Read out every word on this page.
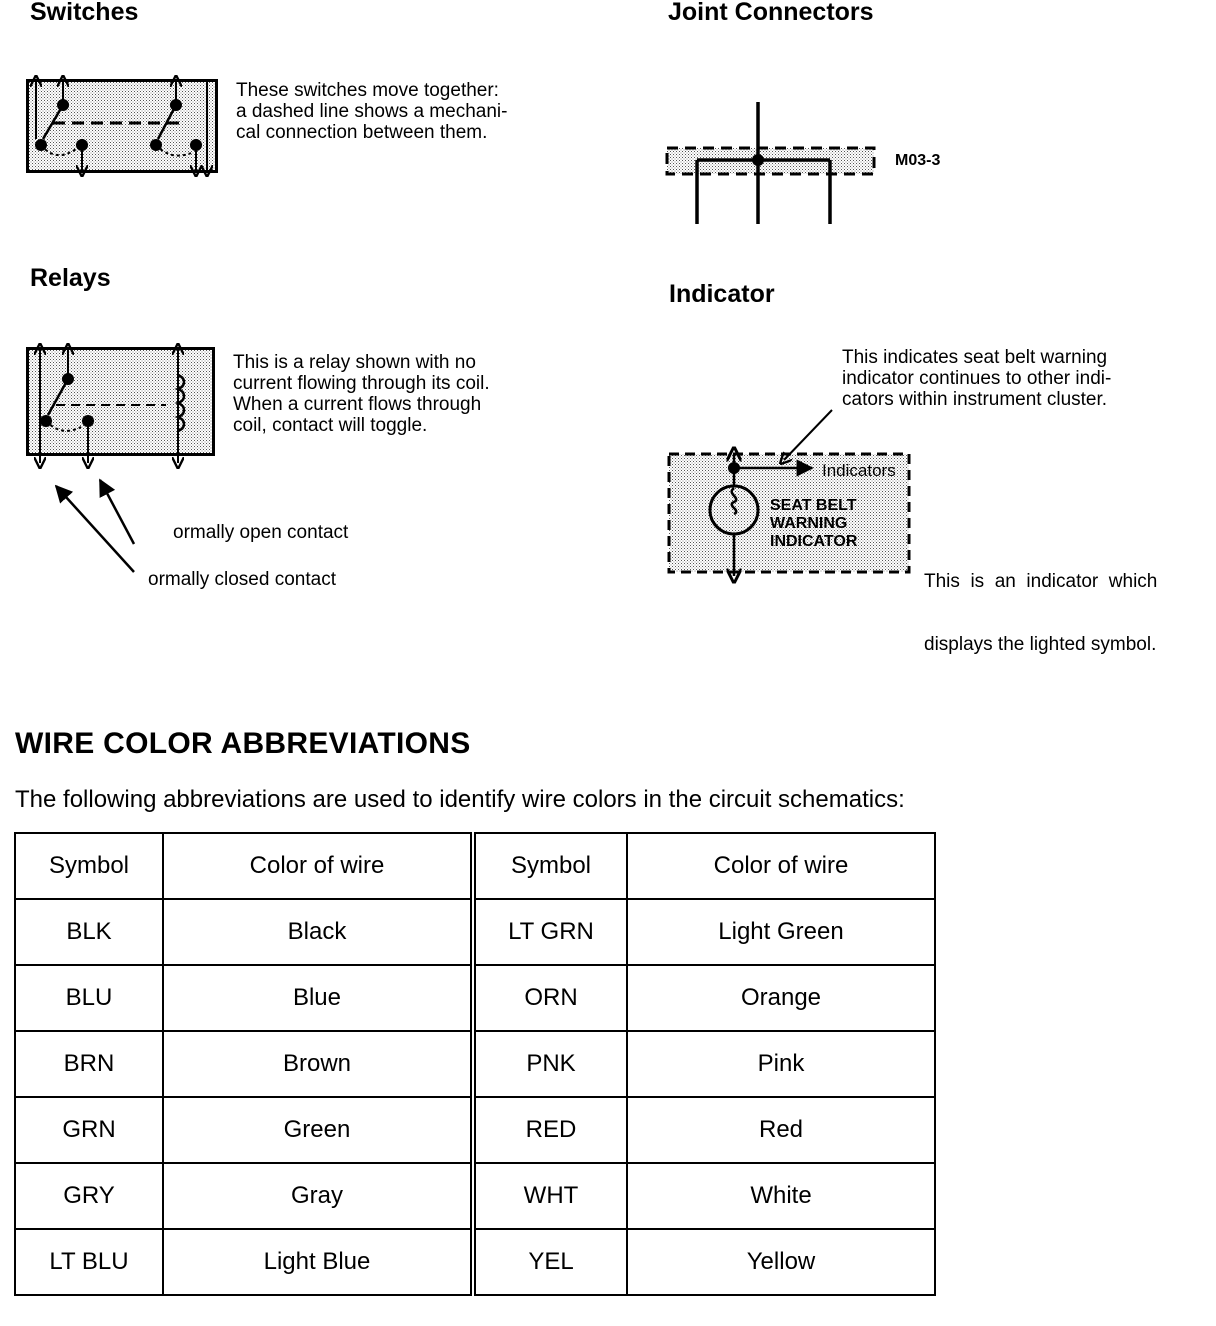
Switches
These switches move together:
a dashed line shows a mechani-
cal connection between them.
Joint Connectors
M03-3
Relays
This is a relay shown with no
current flowing through its coil.
When a current flows through
coil, contact will toggle.
ormally open contact
ormally closed contact
Indicator
This indicates seat belt warning
indicator continues to other indi-
cators within instrument cluster.
Indicators
SEAT BELT
WARNING
INDICATOR

This  is  an  indicator  which

displays the lighted symbol.

WIRE COLOR ABBREVIATIONS
The following abbreviations are used to identify wire colors in the circuit schematics:
Symbol	Color of wire	Symbol	Color of wire
BLK	Black	LT GRN	Light Green
BLU	Blue	ORN	Orange
BRN	Brown	PNK	Pink
GRN	Green	RED	Red
GRY	Gray	WHT	White
LT BLU	Light Blue	YEL	Yellow
